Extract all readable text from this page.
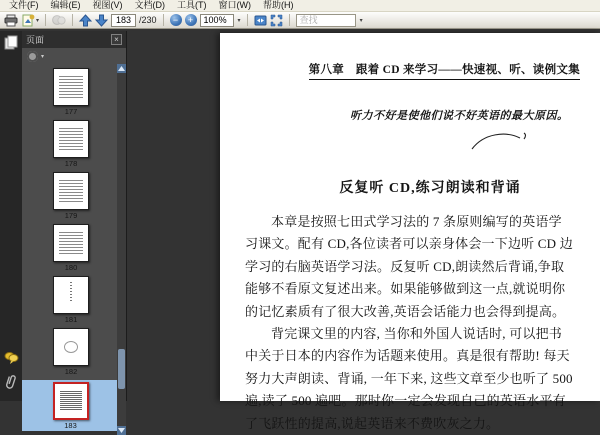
文件(F)	编辑(E)	视图(V)	文档(D)	工具(T)	窗口(W)	帮助(H)
▾
183	/230	−	+	100% ▾
查找	▾
页面	×
▾
177
178
179
180
181
182
183
第八章　跟着 CD 来学习——快速视、听、读例文集
听力不好是使他们说不好英语的最大原因。
反复听 CD,练习朗读和背诵
本章是按照七田式学习法的 7 条原则编写的英语学
习课文。配有 CD,各位读者可以亲身体会一下边听 CD 边
学习的右脑英语学习法。反复听 CD,朗读然后背诵,争取
能够不看原文复述出来。如果能够做到这一点,就说明你
的记忆素质有了很大改善,英语会话能力也会得到提高。
背完课文里的内容, 当你和外国人说话时, 可以把书
中关于日本的内容作为话题来使用。真是很有帮助! 每天
努力大声朗读、背诵, 一年下来, 这些文章至少也听了 500
遍,读了 500 遍吧。那时你一定会发现自己的英语水平有
了飞跃性的提高,说起英语来不费吹灰之力。
